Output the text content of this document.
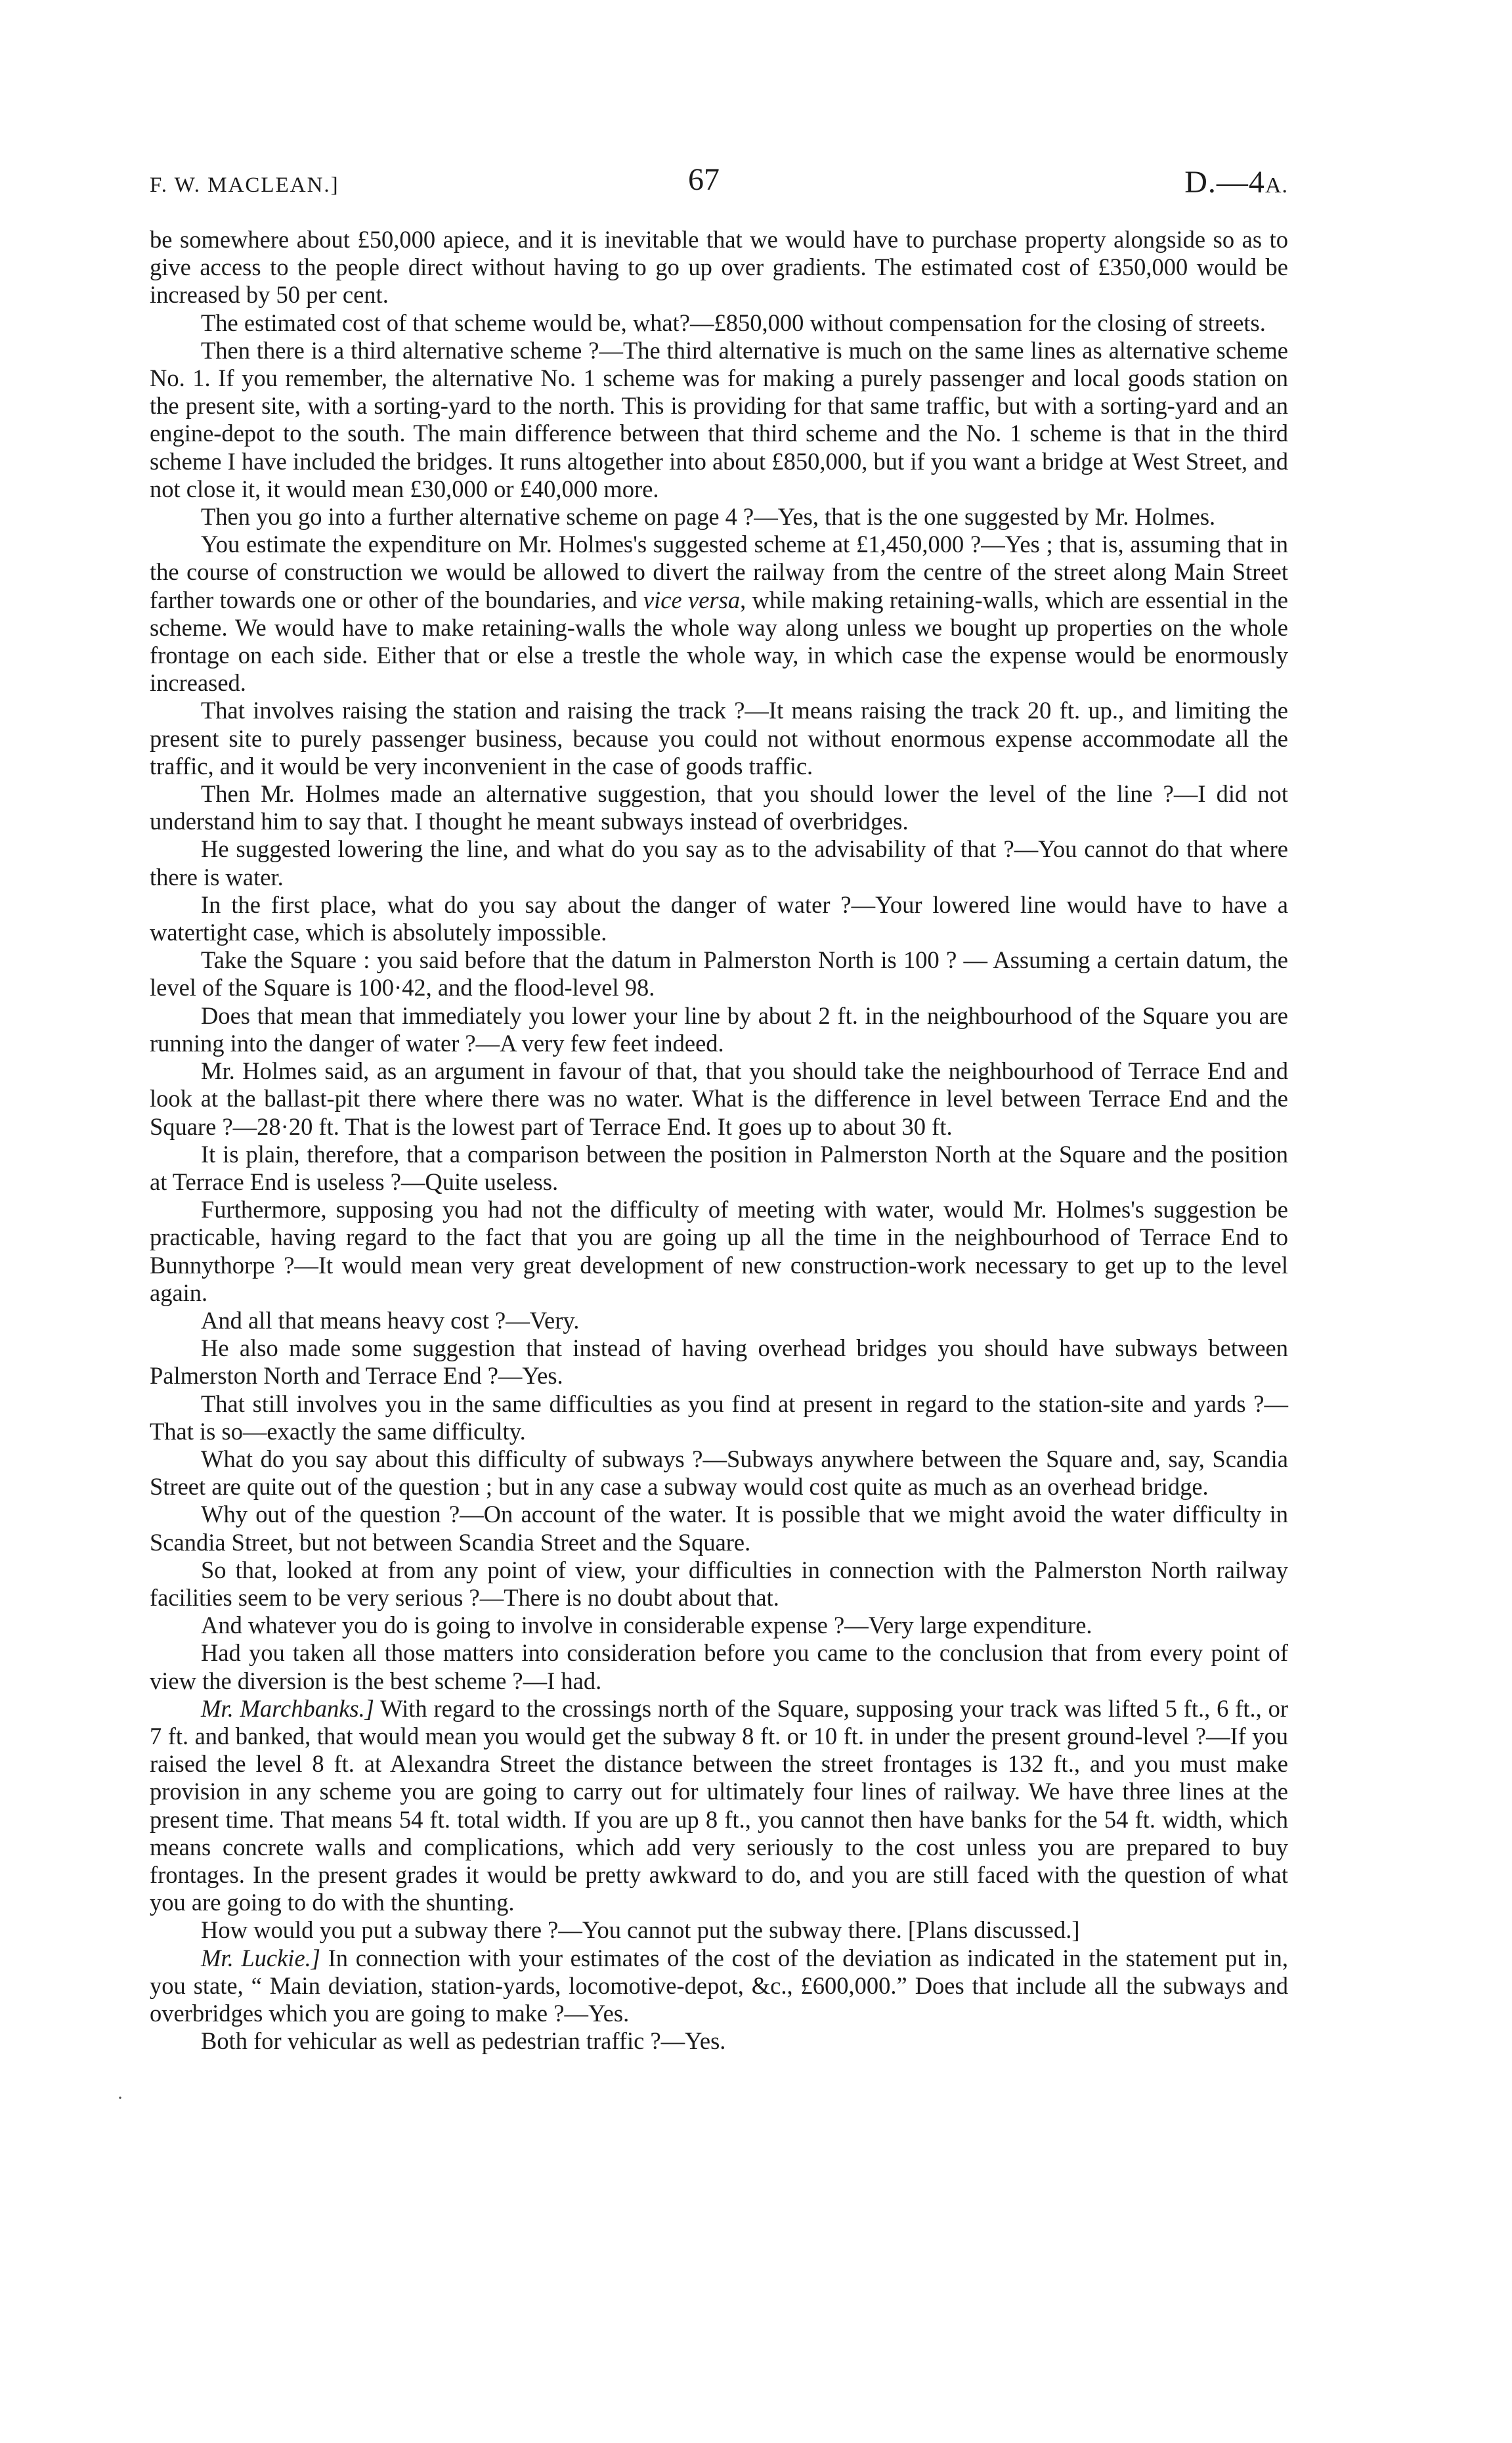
F. W. MACLEAN.]	67	D.—4A.

be somewhere about £50,000 apiece, and it is inevitable that we would have to purchase property alongside so as to give access to the people direct without having to go up over gradients. The estimated cost of £350,000 would be increased by 50 per cent.

The estimated cost of that scheme would be, what?—£850,000 without compensation for the closing of streets.

Then there is a third alternative scheme ?—The third alternative is much on the same lines as alternative scheme No. 1. If you remember, the alternative No. 1 scheme was for making a purely passenger and local goods station on the present site, with a sorting-yard to the north. This is providing for that same traffic, but with a sorting-yard and an engine-depot to the south. The main difference between that third scheme and the No. 1 scheme is that in the third scheme I have included the bridges. It runs altogether into about £850,000, but if you want a bridge at West Street, and not close it, it would mean £30,000 or £40,000 more.

Then you go into a further alternative scheme on page 4 ?—Yes, that is the one suggested by Mr. Holmes.

You estimate the expenditure on Mr. Holmes's suggested scheme at £1,450,000 ?—Yes ; that is, assuming that in the course of construction we would be allowed to divert the railway from the centre of the street along Main Street farther towards one or other of the boundaries, and vice versa, while making retaining-walls, which are essential in the scheme. We would have to make retaining-walls the whole way along unless we bought up properties on the whole frontage on each side. Either that or else a trestle the whole way, in which case the expense would be enormously increased.

That involves raising the station and raising the track ?—It means raising the track 20 ft. up., and limiting the present site to purely passenger business, because you could not without enormous expense accommodate all the traffic, and it would be very inconvenient in the case of goods traffic.

Then Mr. Holmes made an alternative suggestion, that you should lower the level of the line ?—I did not understand him to say that. I thought he meant subways instead of overbridges.

He suggested lowering the line, and what do you say as to the advisability of that ?—You cannot do that where there is water.

In the first place, what do you say about the danger of water ?—Your lowered line would have to have a watertight case, which is absolutely impossible.

Take the Square : you said before that the datum in Palmerston North is 100 ? — Assuming a certain datum, the level of the Square is 100·42, and the flood-level 98.

Does that mean that immediately you lower your line by about 2 ft. in the neighbourhood of the Square you are running into the danger of water ?—A very few feet indeed.

Mr. Holmes said, as an argument in favour of that, that you should take the neighbourhood of Terrace End and look at the ballast-pit there where there was no water. What is the difference in level between Terrace End and the Square ?—28·20 ft. That is the lowest part of Terrace End. It goes up to about 30 ft.

It is plain, therefore, that a comparison between the position in Palmerston North at the Square and the position at Terrace End is useless ?—Quite useless.

Furthermore, supposing you had not the difficulty of meeting with water, would Mr. Holmes's suggestion be practicable, having regard to the fact that you are going up all the time in the neighbourhood of Terrace End to Bunnythorpe ?—It would mean very great development of new construction-work necessary to get up to the level again.

And all that means heavy cost ?—Very.

He also made some suggestion that instead of having overhead bridges you should have subways between Palmerston North and Terrace End ?—Yes.

That still involves you in the same difficulties as you find at present in regard to the station-site and yards ?—That is so—exactly the same difficulty.

What do you say about this difficulty of subways ?—Subways anywhere between the Square and, say, Scandia Street are quite out of the question ; but in any case a subway would cost quite as much as an overhead bridge.

Why out of the question ?—On account of the water. It is possible that we might avoid the water difficulty in Scandia Street, but not between Scandia Street and the Square.

So that, looked at from any point of view, your difficulties in connection with the Palmerston North railway facilities seem to be very serious ?—There is no doubt about that.

And whatever you do is going to involve in considerable expense ?—Very large expenditure.

Had you taken all those matters into consideration before you came to the conclusion that from every point of view the diversion is the best scheme ?—I had.

Mr. Marchbanks.] With regard to the crossings north of the Square, supposing your track was lifted 5 ft., 6 ft., or 7 ft. and banked, that would mean you would get the subway 8 ft. or 10 ft. in under the present ground-level ?—If you raised the level 8 ft. at Alexandra Street the distance between the street frontages is 132 ft., and you must make provision in any scheme you are going to carry out for ultimately four lines of railway. We have three lines at the present time. That means 54 ft. total width. If you are up 8 ft., you cannot then have banks for the 54 ft. width, which means concrete walls and complications, which add very seriously to the cost unless you are prepared to buy frontages. In the present grades it would be pretty awkward to do, and you are still faced with the question of what you are going to do with the shunting.

How would you put a subway there ?—You cannot put the subway there. [Plans discussed.]

Mr. Luckie.] In connection with your estimates of the cost of the deviation as indicated in the statement put in, you state, “ Main deviation, station-yards, locomotive-depot, &c., £600,000.” Does that include all the subways and overbridges which you are going to make ?—Yes.

Both for vehicular as well as pedestrian traffic ?—Yes.

·
